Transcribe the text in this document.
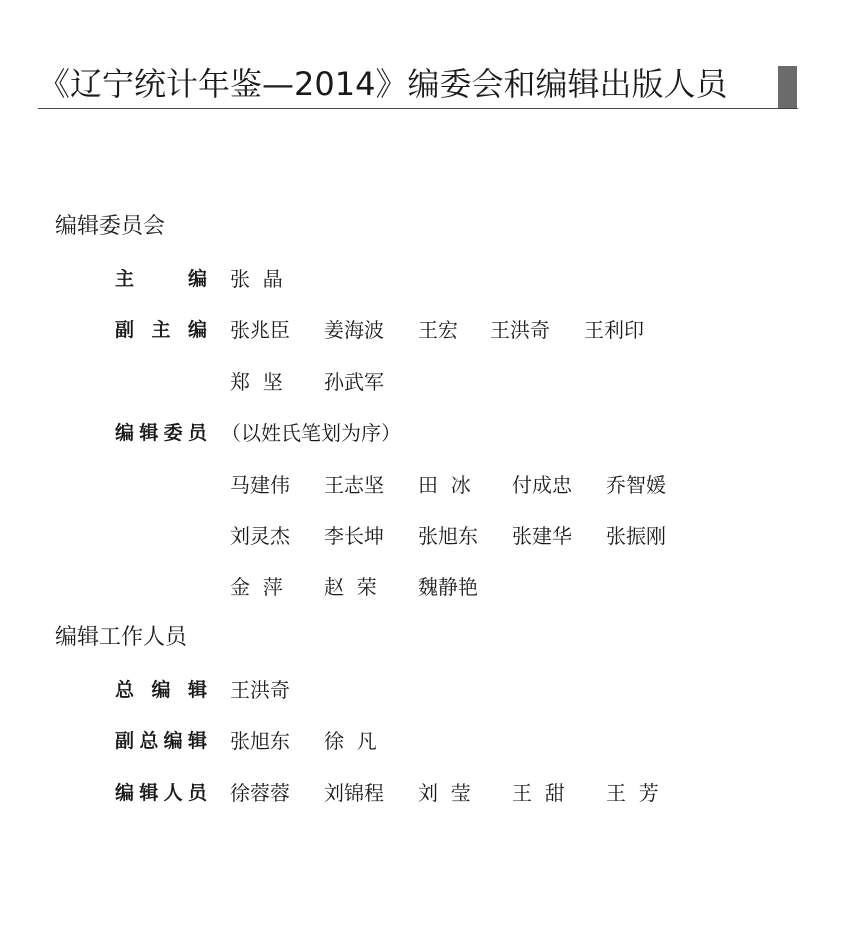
《辽宁统计年鉴—2014》编委会和编辑出版人员
编辑委员会
主	编 张  晶
副 主 编 张兆臣 姜海波 王宏 王洪奇 王利印
郑  坚 孙武军
编 辑 委 员 （以姓氏笔划为序）
马建伟 王志坚 田  冰 付成忠 乔智媛
刘灵杰 李长坤 张旭东 张建华 张振刚
金  萍 赵  荣 魏静艳
编辑工作人员
总 编 辑 王洪奇
副 总 编 辑 张旭东 徐  凡
编 辑 人 员 徐蓉蓉 刘锦程 刘  莹 王  甜 王  芳
